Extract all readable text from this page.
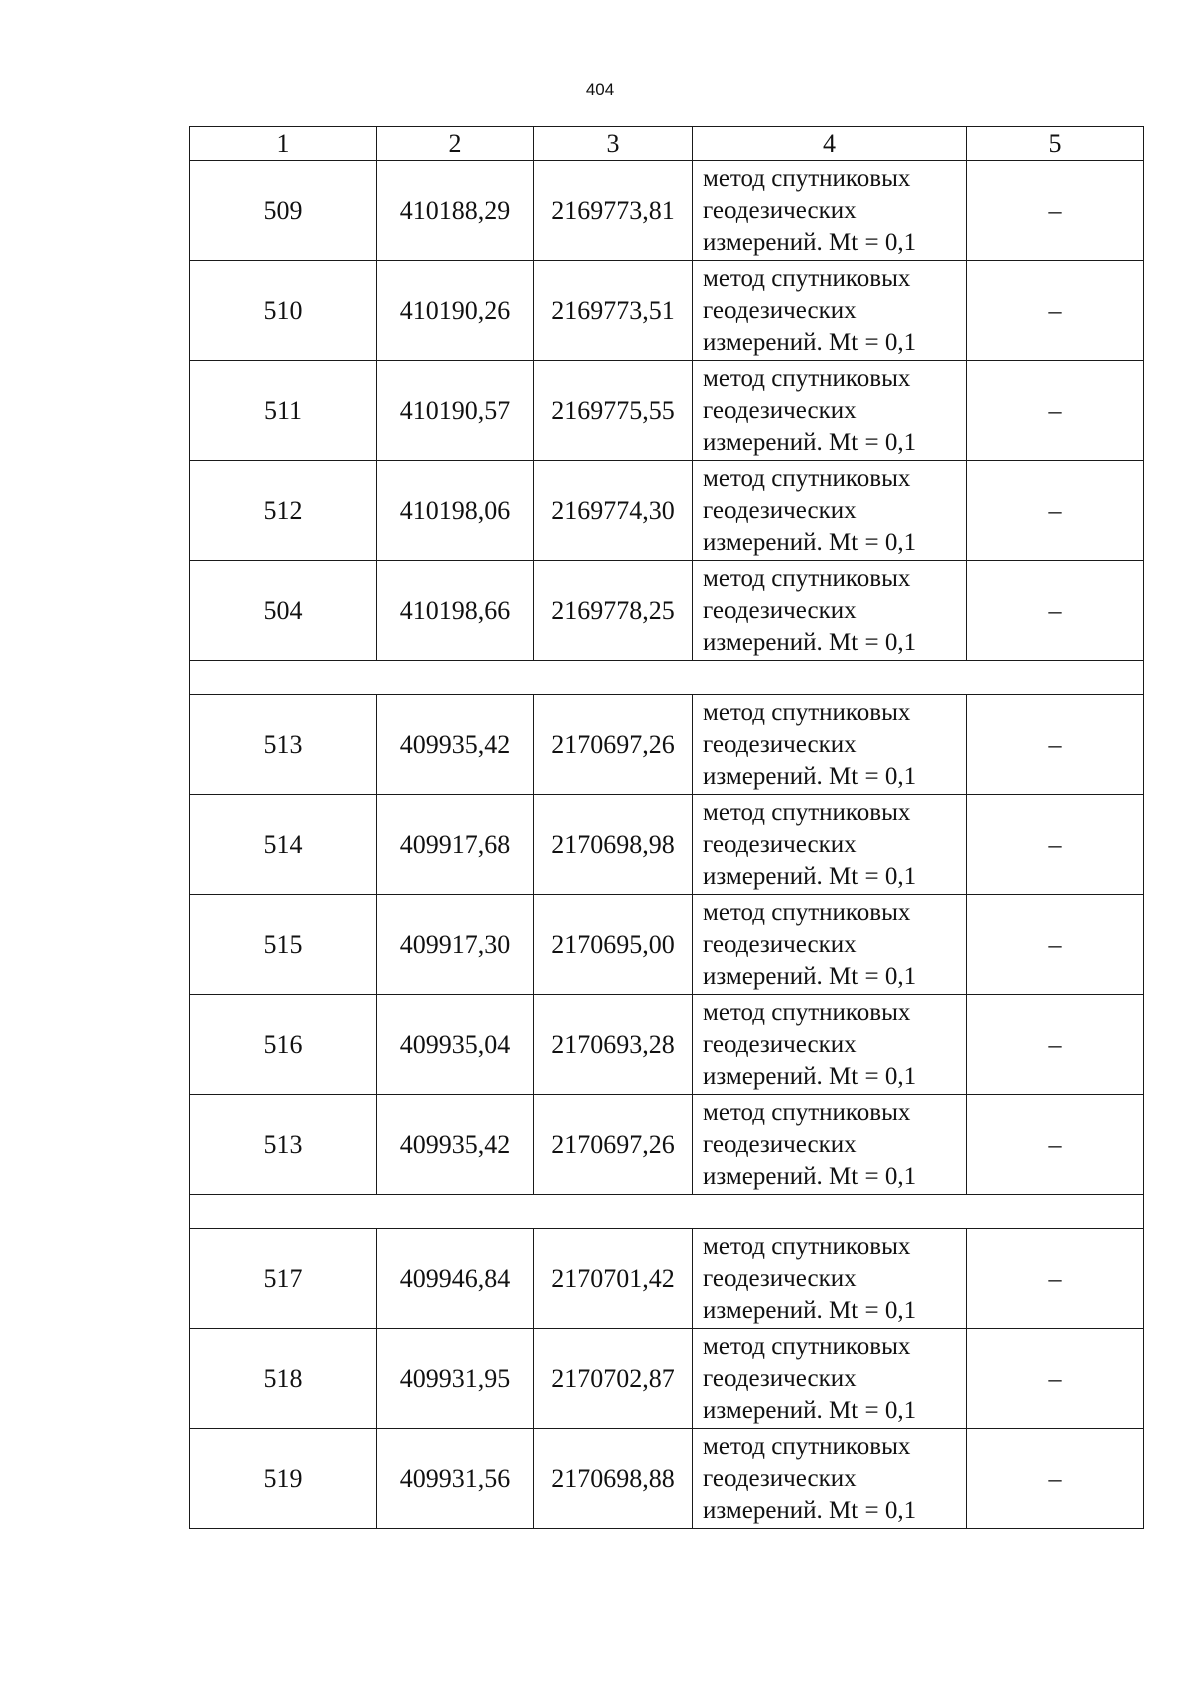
404
1	2	3	4	5
509	410188,29	2169773,81	метод спутниковых
геодезических
измерений. Mt = 0,1	–
510	410190,26	2169773,51	метод спутниковых
геодезических
измерений. Mt = 0,1	–
511	410190,57	2169775,55	метод спутниковых
геодезических
измерений. Mt = 0,1	–
512	410198,06	2169774,30	метод спутниковых
геодезических
измерений. Mt = 0,1	–
504	410198,66	2169778,25	метод спутниковых
геодезических
измерений. Mt = 0,1	–

513	409935,42	2170697,26	метод спутниковых
геодезических
измерений. Mt = 0,1	–
514	409917,68	2170698,98	метод спутниковых
геодезических
измерений. Mt = 0,1	–
515	409917,30	2170695,00	метод спутниковых
геодезических
измерений. Mt = 0,1	–
516	409935,04	2170693,28	метод спутниковых
геодезических
измерений. Mt = 0,1	–
513	409935,42	2170697,26	метод спутниковых
геодезических
измерений. Mt = 0,1	–

517	409946,84	2170701,42	метод спутниковых
геодезических
измерений. Mt = 0,1	–
518	409931,95	2170702,87	метод спутниковых
геодезических
измерений. Mt = 0,1	–
519	409931,56	2170698,88	метод спутниковых
геодезических
измерений. Mt = 0,1	–
